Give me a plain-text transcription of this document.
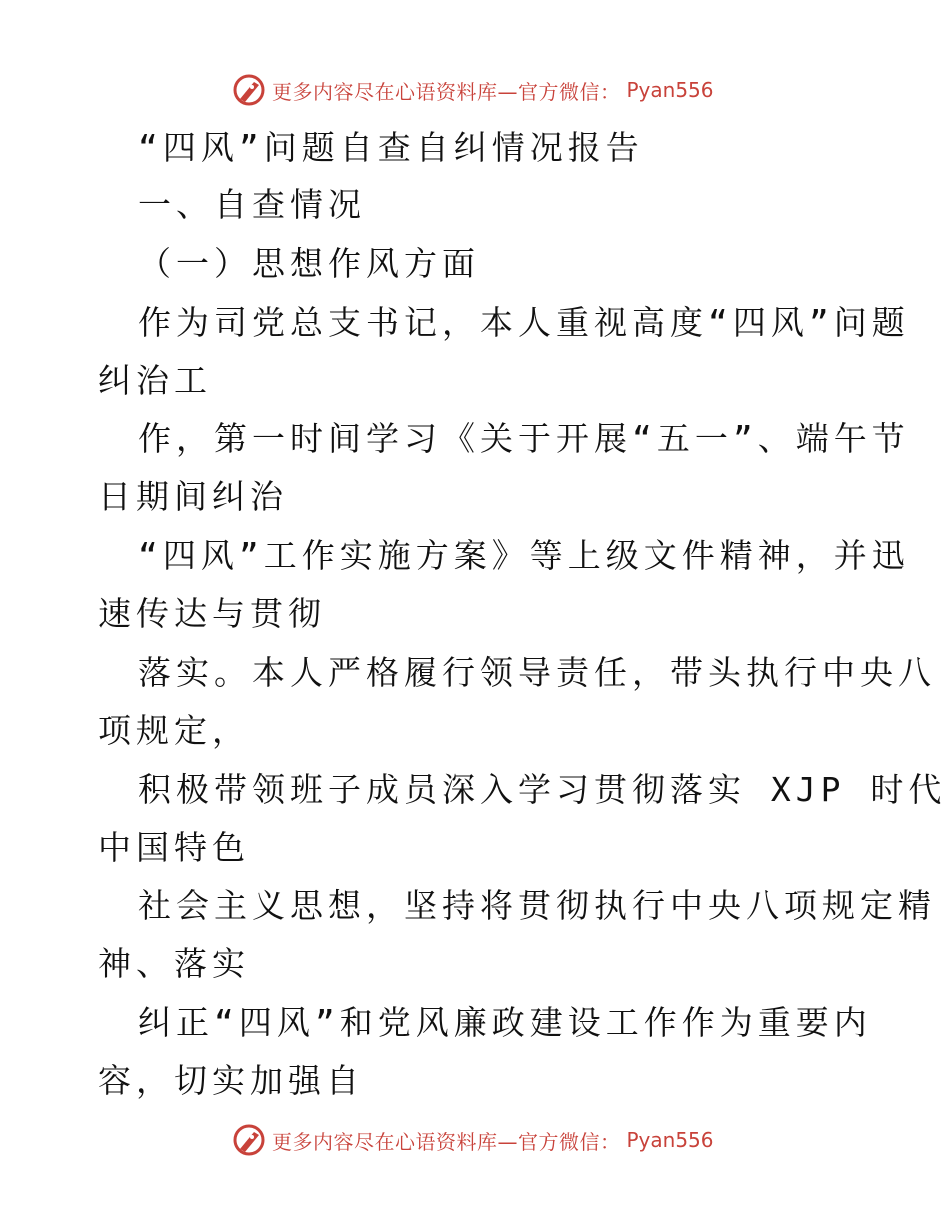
更多内容尽在心语资料库—官方微信： Pyan556
“四风”问题自查自纠情况报告
一、自查情况
（一）思想作风方面
作为司党总支书记，本人重视高度“四风”问题
纠治工
作，第一时间学习《关于开展“五一”、端午节
日期间纠治
“四风”工作实施方案》等上级文件精神，并迅
速传达与贯彻
落实。本人严格履行领导责任，带头执行中央八
项规定，
积极带领班子成员深入学习贯彻落实 XJP 时代
中国特色
社会主义思想，坚持将贯彻执行中央八项规定精
神、落实
纠正“四风”和党风廉政建设工作作为重要内
容，切实加强自
更多内容尽在心语资料库—官方微信： Pyan556
